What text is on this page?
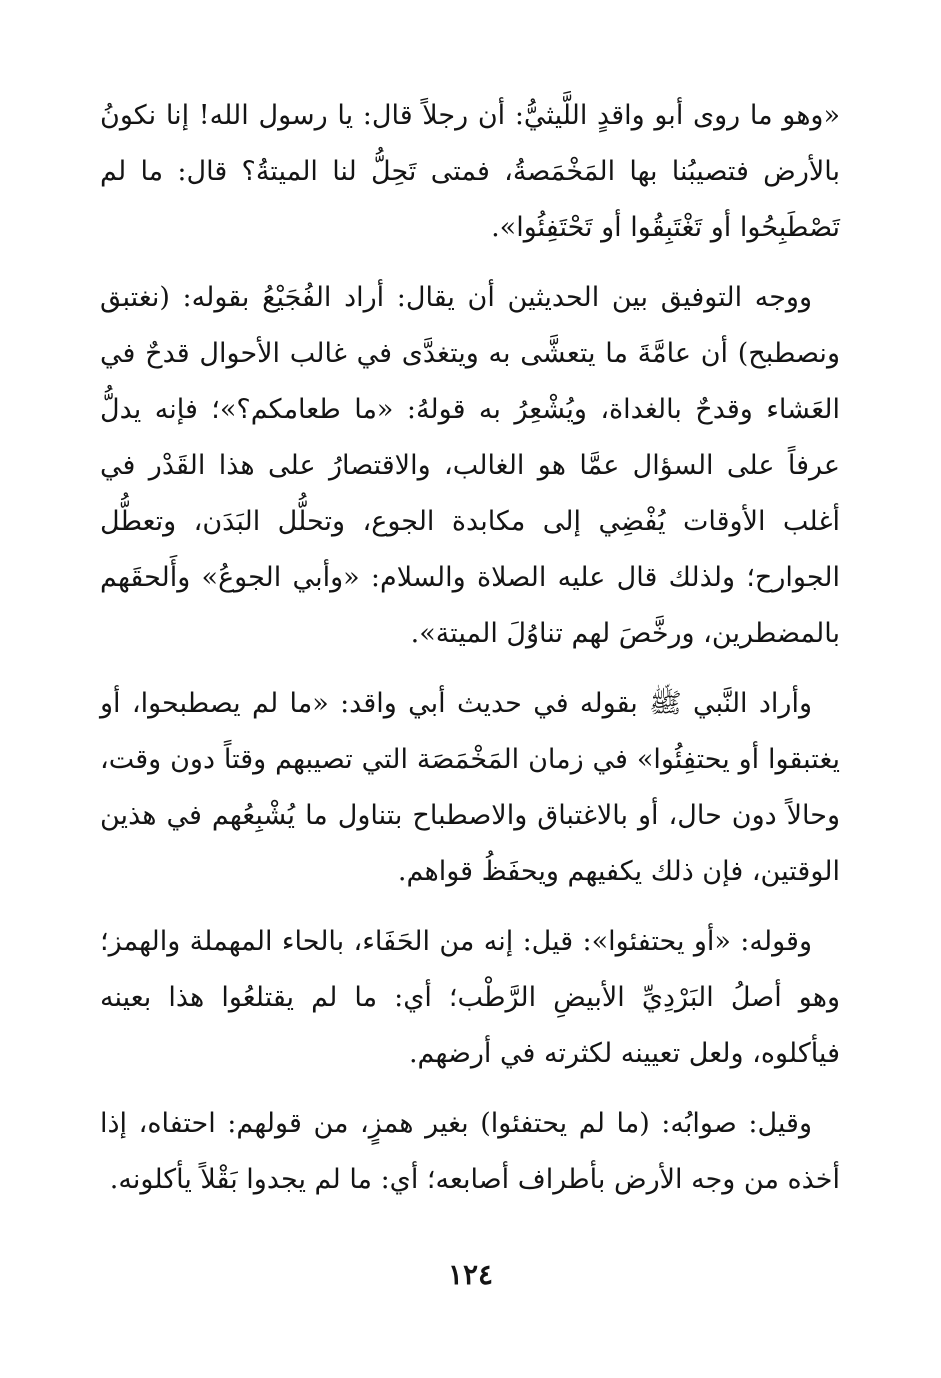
«وهو ما روى أبو واقدٍ اللَّيثيُّ: أن رجلاً قال: يا رسول الله! إنا نكونُ بالأرض فتصيبُنا بها المَخْمَصةُ، فمتى تَحِلُّ لنا الميتةُ؟ قال: ما لم تَصْطَبِحُوا أو تَغْتَبِقُوا أو تَحْتَفِئُوا».

ووجه التوفيق بين الحديثين أن يقال: أراد الفُجَيْعُ بقوله: (نغتبق ونصطبح) أن عامَّةَ ما يتعشَّى به ويتغدَّى في غالب الأحوال قدحٌ في العَشاء وقدحٌ بالغداة، ويُشْعِرُ به قولهُ: «ما طعامكم؟»؛ فإنه يدلُّ عرفاً على السؤال عمَّا هو الغالب، والاقتصارُ على هذا القَدْر في أغلب الأوقات يُفْضِي إلى مكابدة الجوع، وتحلُّل البَدَن، وتعطُّل الجوارح؛ ولذلك قال عليه الصلاة والسلام: «وأبي الجوعُ» وأَلحقَهم بالمضطرين، ورخَّصَ لهم تناوُلَ الميتة».

وأراد النَّبي ﷺ بقوله في حديث أبي واقد: «ما لم يصطبحوا، أو يغتبقوا أو يحتفِئُوا» في زمان المَخْمَصَة التي تصيبهم وقتاً دون وقت، وحالاً دون حال، أو بالاغتباق والاصطباح بتناول ما يُشْبِعُهم في هذين الوقتين، فإن ذلك يكفيهم ويحفَظُ قواهم.

وقوله: «أو يحتفئوا»: قيل: إنه من الحَفَاء، بالحاء المهملة والهمز؛ وهو أصلُ البَرْدِيِّ الأبيضِ الرَّطْب؛ أي: ما لم يقتلعُوا هذا بعينه فيأكلوه، ولعل تعيينه لكثرته في أرضهم.

وقيل: صوابُه: (ما لم يحتفئوا) بغير همزٍ، من قولهم: احتفاه، إذا أخذه من وجه الأرض بأطراف أصابعه؛ أي: ما لم يجدوا بَقْلاً يأكلونه.

١٢٤
